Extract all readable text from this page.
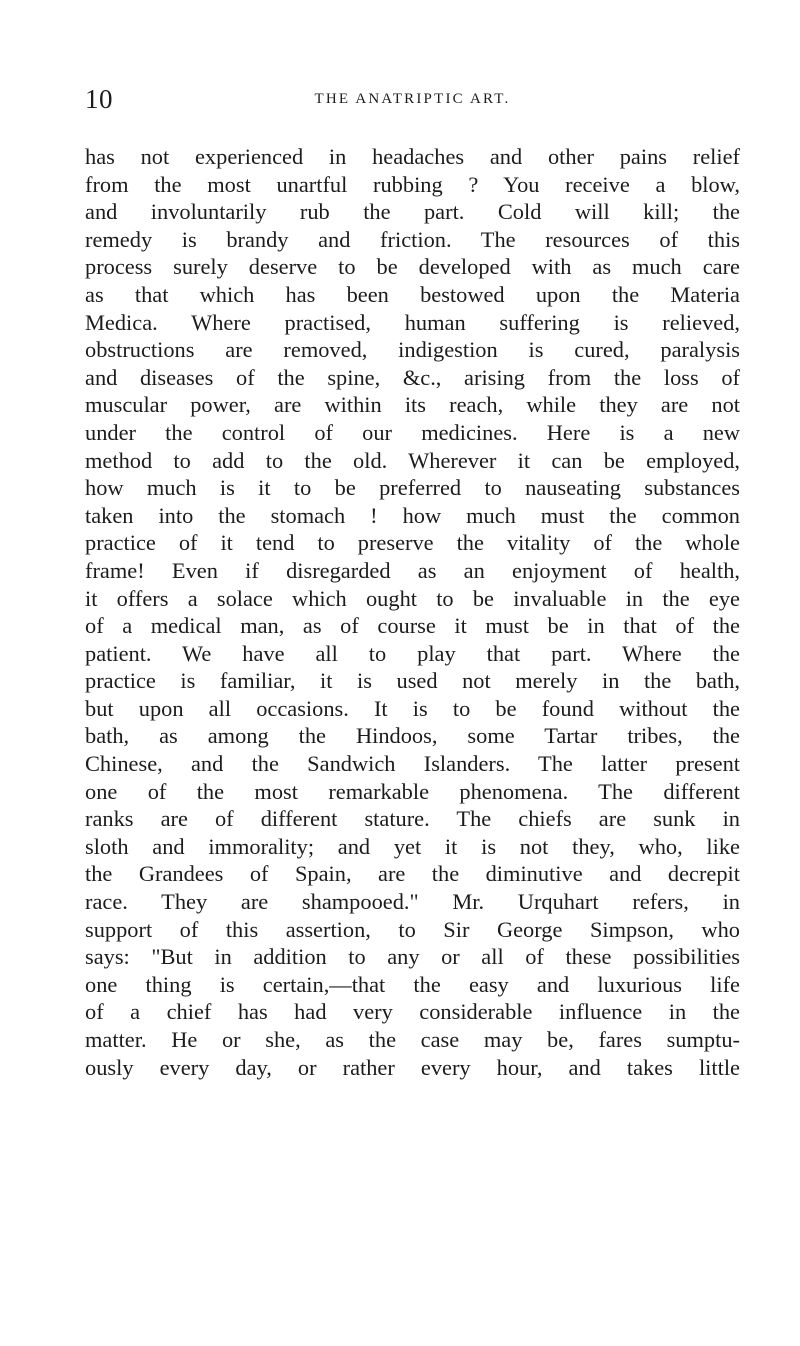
10	THE ANATRIPTIC ART.
has not experienced in headaches and other pains relief
from the most unartful rubbing ? You receive a blow,
and involuntarily rub the part. Cold will kill; the
remedy is brandy and friction. The resources of this
process surely deserve to be developed with as much care
as that which has been bestowed upon the Materia
Medica. Where practised, human suffering is relieved,
obstructions are removed, indigestion is cured, paralysis
and diseases of the spine, &c., arising from the loss of
muscular power, are within its reach, while they are not
under the control of our medicines. Here is a new
method to add to the old. Wherever it can be employed,
how much is it to be preferred to nauseating substances
taken into the stomach ! how much must the common
practice of it tend to preserve the vitality of the whole
frame! Even if disregarded as an enjoyment of health,
it offers a solace which ought to be invaluable in the eye
of a medical man, as of course it must be in that of the
patient. We have all to play that part. Where the
practice is familiar, it is used not merely in the bath,
but upon all occasions. It is to be found without the
bath, as among the Hindoos, some Tartar tribes, the
Chinese, and the Sandwich Islanders. The latter present
one of the most remarkable phenomena. The different
ranks are of different stature. The chiefs are sunk in
sloth and immorality; and yet it is not they, who, like
the Grandees of Spain, are the diminutive and decrepit
race. They are shampooed." Mr. Urquhart refers, in
support of this assertion, to Sir George Simpson, who
says: "But in addition to any or all of these possibilities
one thing is certain,—that the easy and luxurious life
of a chief has had very considerable influence in the
matter. He or she, as the case may be, fares sumptu-
ously every day, or rather every hour, and takes little
